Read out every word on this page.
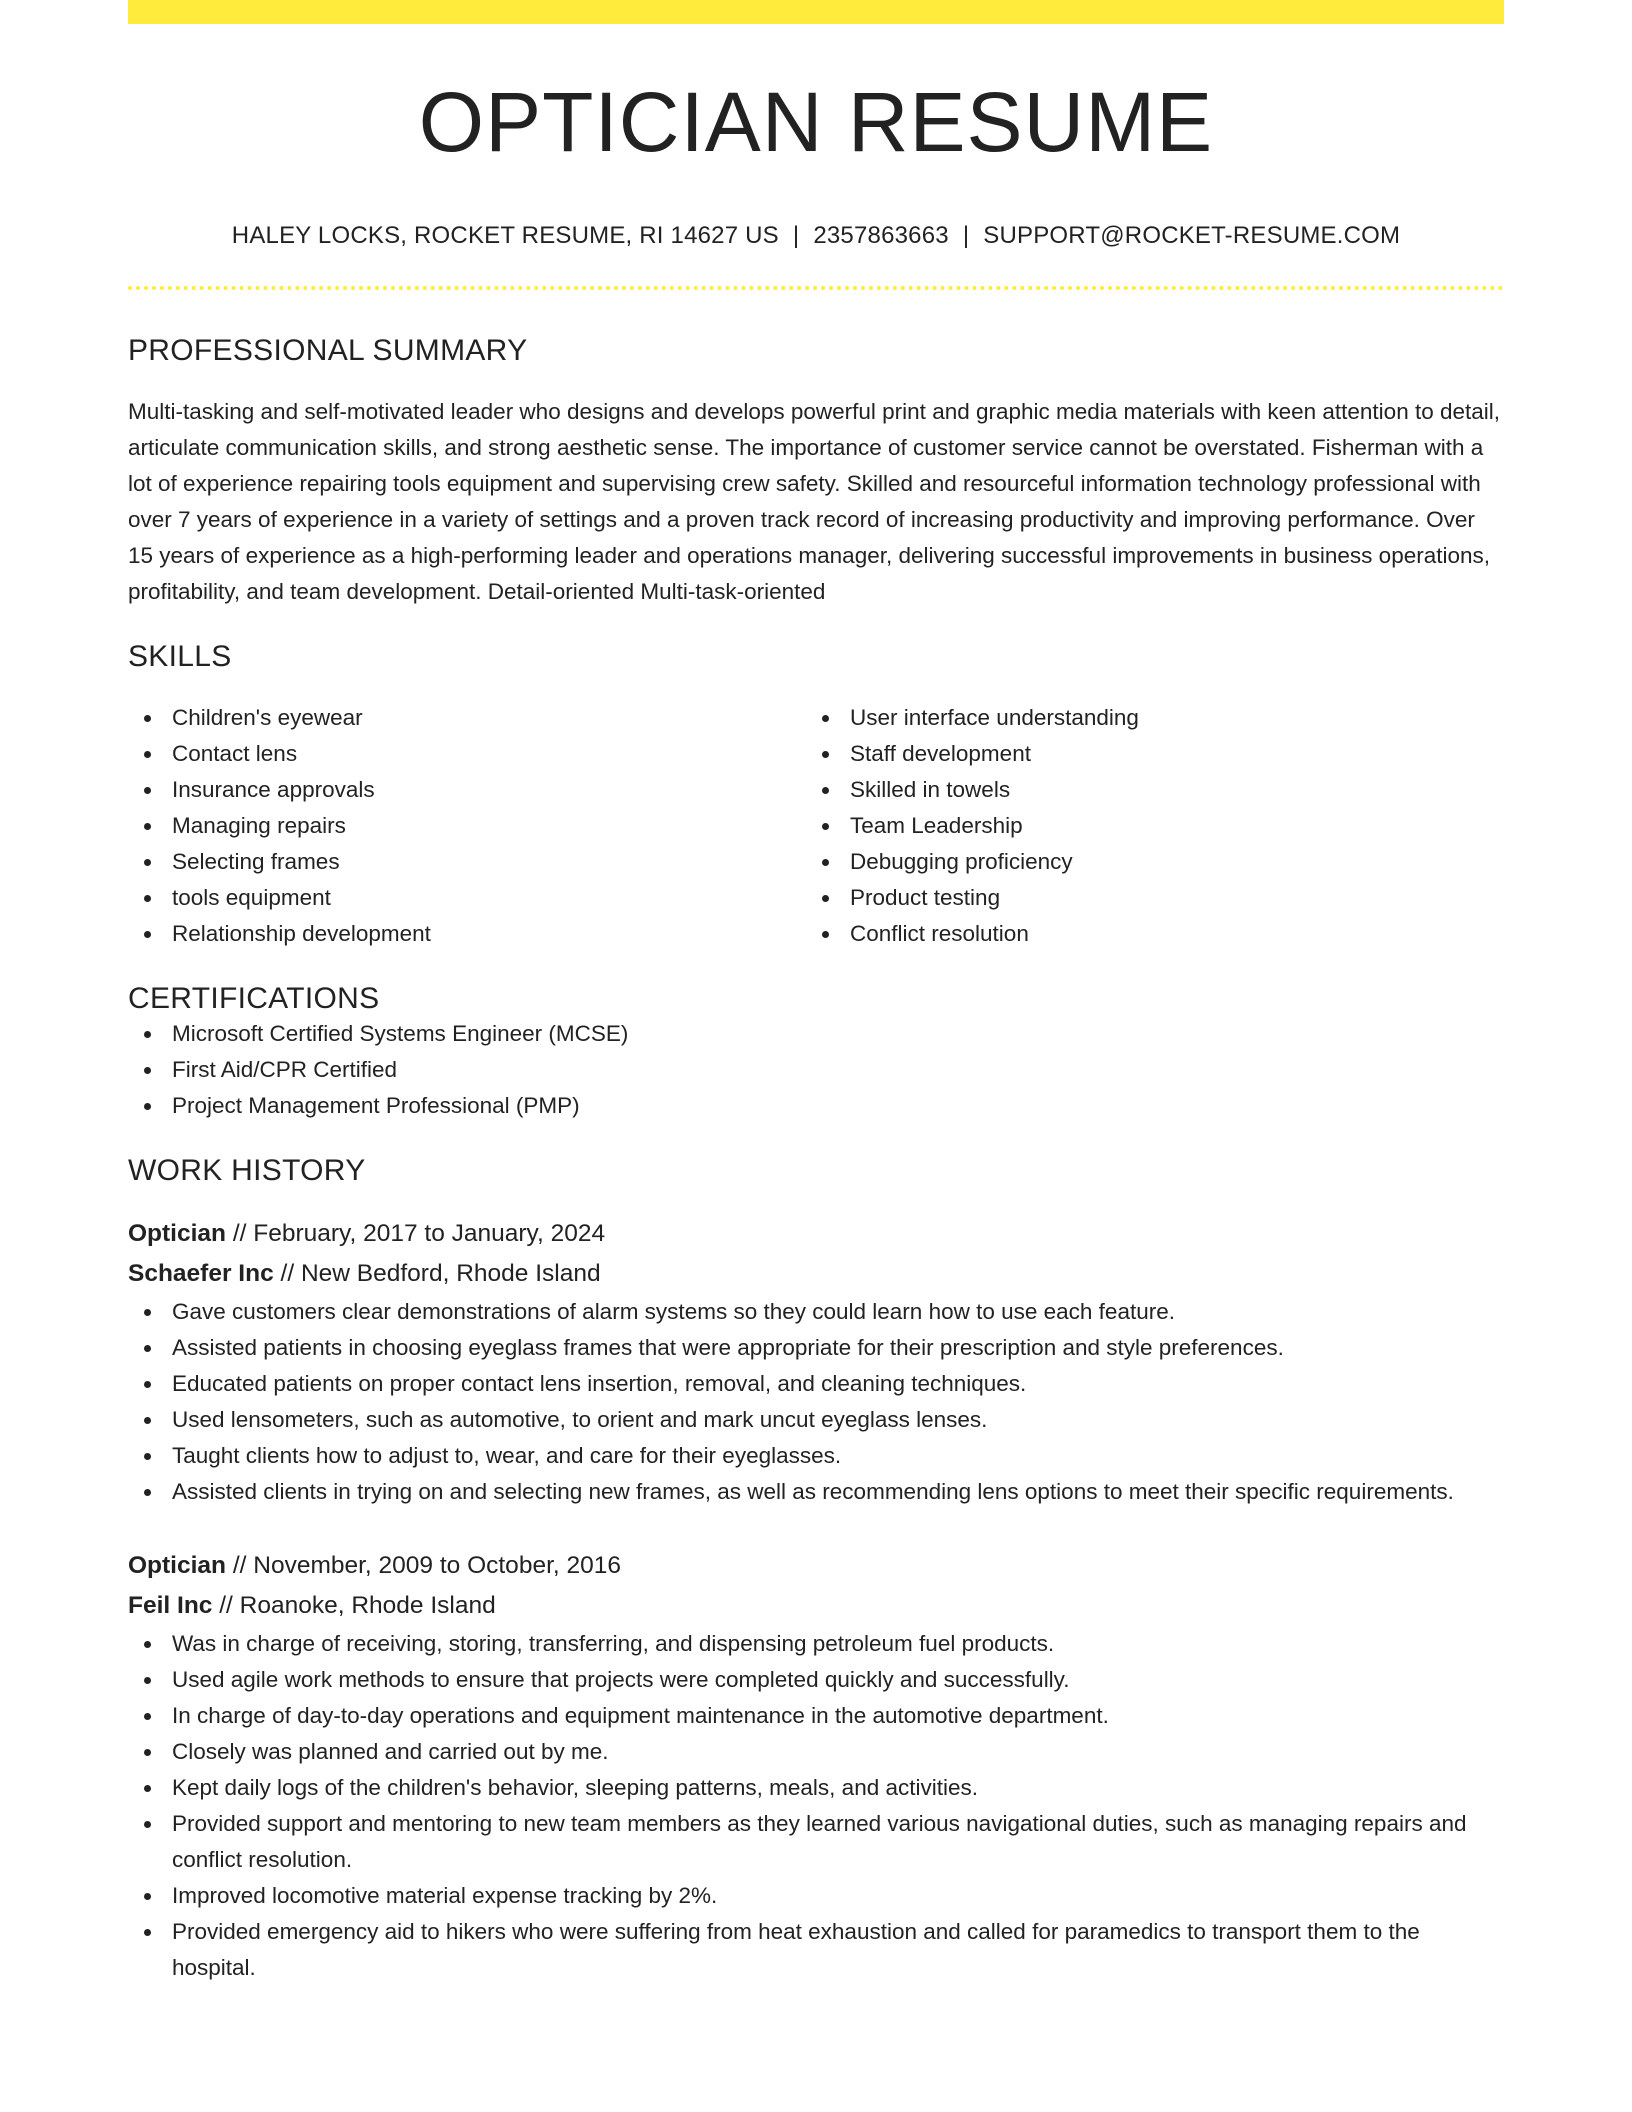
OPTICIAN RESUME
HALEY LOCKS, ROCKET RESUME, RI 14627 US | 2357863663 | SUPPORT@ROCKET-RESUME.COM
PROFESSIONAL SUMMARY
Multi-tasking and self-motivated leader who designs and develops powerful print and graphic media materials with keen attention to detail, articulate communication skills, and strong aesthetic sense. The importance of customer service cannot be overstated. Fisherman with a lot of experience repairing tools equipment and supervising crew safety. Skilled and resourceful information technology professional with over 7 years of experience in a variety of settings and a proven track record of increasing productivity and improving performance. Over 15 years of experience as a high-performing leader and operations manager, delivering successful improvements in business operations, profitability, and team development. Detail-oriented Multi-task-oriented
SKILLS
Children's eyewear
Contact lens
Insurance approvals
Managing repairs
Selecting frames
tools equipment
Relationship development
User interface understanding
Staff development
Skilled in towels
Team Leadership
Debugging proficiency
Product testing
Conflict resolution
CERTIFICATIONS
Microsoft Certified Systems Engineer (MCSE)
First Aid/CPR Certified
Project Management Professional (PMP)
WORK HISTORY
Optician // February, 2017 to January, 2024
Schaefer Inc // New Bedford, Rhode Island
Gave customers clear demonstrations of alarm systems so they could learn how to use each feature.
Assisted patients in choosing eyeglass frames that were appropriate for their prescription and style preferences.
Educated patients on proper contact lens insertion, removal, and cleaning techniques.
Used lensometers, such as automotive, to orient and mark uncut eyeglass lenses.
Taught clients how to adjust to, wear, and care for their eyeglasses.
Assisted clients in trying on and selecting new frames, as well as recommending lens options to meet their specific requirements.
Optician // November, 2009 to October, 2016
Feil Inc // Roanoke, Rhode Island
Was in charge of receiving, storing, transferring, and dispensing petroleum fuel products.
Used agile work methods to ensure that projects were completed quickly and successfully.
In charge of day-to-day operations and equipment maintenance in the automotive department.
Closely was planned and carried out by me.
Kept daily logs of the children's behavior, sleeping patterns, meals, and activities.
Provided support and mentoring to new team members as they learned various navigational duties, such as managing repairs and conflict resolution.
Improved locomotive material expense tracking by 2%.
Provided emergency aid to hikers who were suffering from heat exhaustion and called for paramedics to transport them to the hospital.
